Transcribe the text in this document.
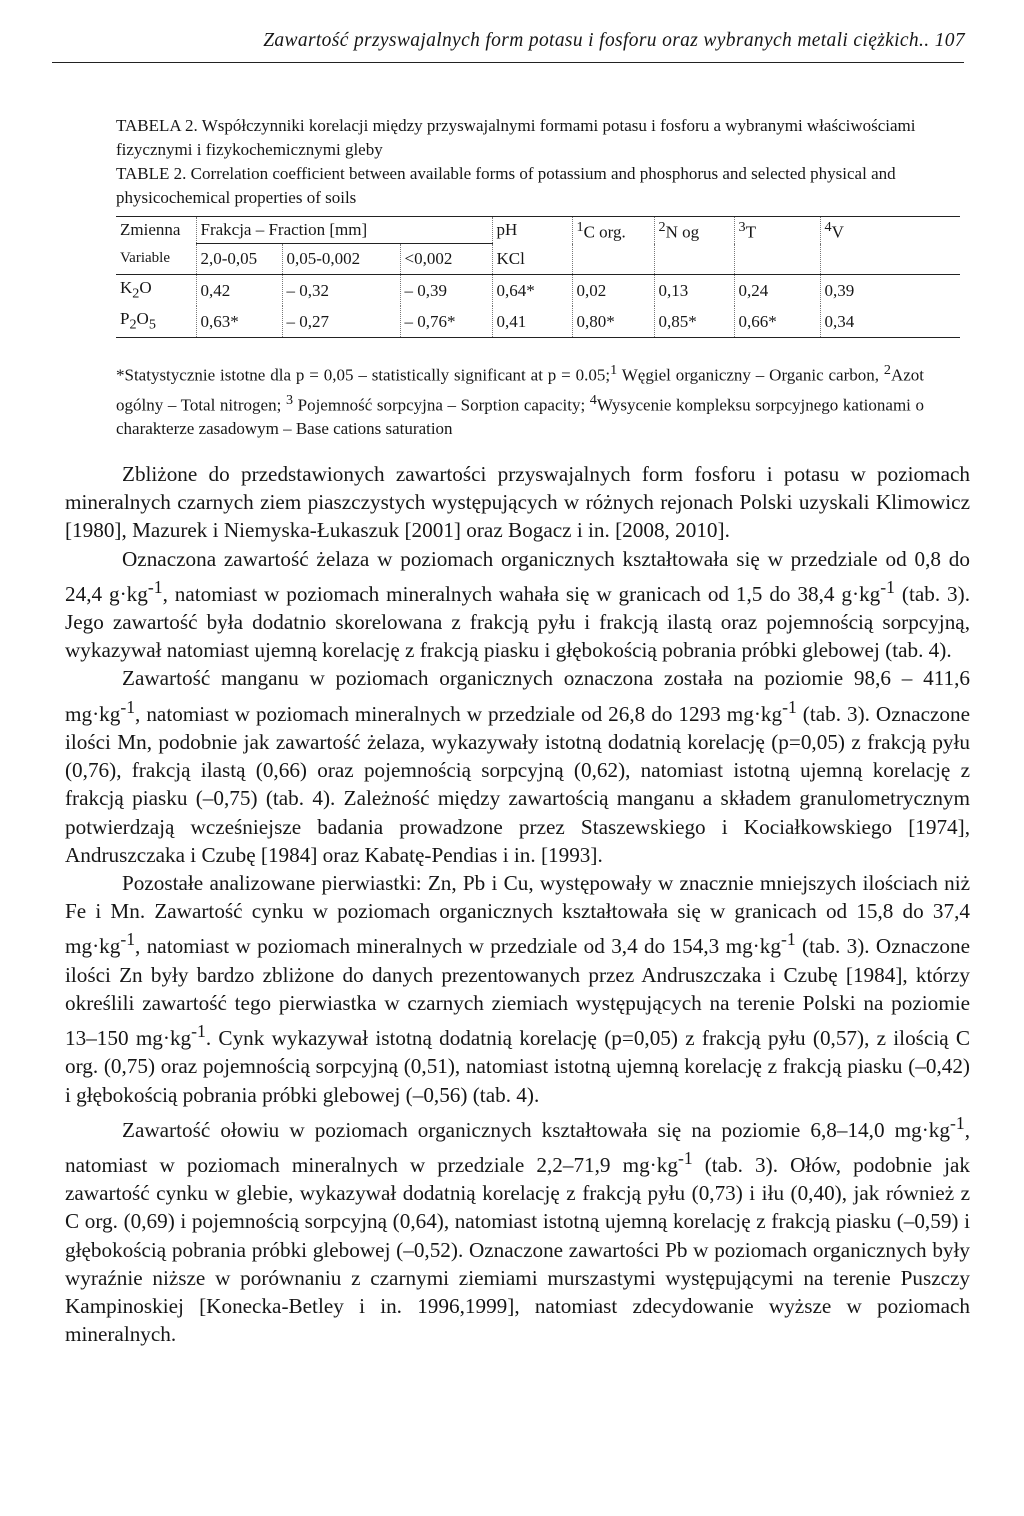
Zawartość przyswajalnych form potasu i fosforu oraz wybranych metali ciężkich.. 107

TABELA 2. Współczynniki korelacji między przyswajalnymi formami potasu i fosforu a wybranymi właściwościami fizycznymi i fizykochemicznymi gleby

TABLE 2. Correlation coefficient between available forms of potassium and phosphorus and selected physical and physicochemical properties of soils

Zmienna	Frakcja – Fraction [mm]			pH	$^1$C org.	$^2$N og	$^3$T	$^4$V
Variable	2,0-0,05	0,05-0,002	<0,002	KCl				
$K_2O$	0,42	– 0,32	– 0,39	0,64*	0,02	0,13	0,24	0,39
$P_2O_5$	0,63*	– 0,27	– 0,76*	0,41	0,80*	0,85*	0,66*	0,34

*Statystycznie istotne dla p = 0,05 – statistically significant at p = 0.05;$^1$ Węgiel organiczny – Organic carbon, $^2$Azot ogólny – Total nitrogen; $^3$ Pojemność sorpcyjna – Sorption capacity; $^4$Wysycenie kompleksu sorpcyjnego kationami o charakterze zasadowym – Base cations saturation

Zbliżone do przedstawionych zawartości przyswajalnych form fosforu i potasu w poziomach mineralnych czarnych ziem piaszczystych występujących w różnych rejonach Polski uzyskali Klimowicz [1980], Mazurek i Niemyska-Łukaszuk [2001] oraz Bogacz i in. [2008, 2010].

Oznaczona zawartość żelaza w poziomach organicznych kształtowała się w przedziale od 0,8 do 24,4 $g\cdot kg^{-1}$, natomiast w poziomach mineralnych wahała się w granicach od 1,5 do 38,4 $g\cdot kg^{-1}$ (tab. 3). Jego zawartość była dodatnio skorelowana z frakcją pyłu i frakcją ilastą oraz pojemnością sorpcyjną, wykazywał natomiast ujemną korelację z frakcją piasku i głębokością pobrania próbki glebowej (tab. 4).

Zawartość manganu w poziomach organicznych oznaczona została na poziomie 98,6 – 411,6 $mg\cdot kg^{-1}$, natomiast w poziomach mineralnych w przedziale od 26,8 do 1293 $mg\cdot kg^{-1}$ (tab. 3). Oznaczone ilości Mn, podobnie jak zawartość żelaza, wykazywały istotną dodatnią korelację (p=0,05) z frakcją pyłu (0,76), frakcją ilastą (0,66) oraz pojemnością sorpcyjną (0,62), natomiast istotną ujemną korelację z frakcją piasku (–0,75) (tab. 4). Zależność między zawartością manganu a składem granulometrycznym potwierdzają wcześniejsze badania prowadzone przez Staszewskiego i Kociałkowskiego [1974], Andruszczaka i Czubę [1984] oraz Kabatę-Pendias i in. [1993].

Pozostałe analizowane pierwiastki: Zn, Pb i Cu, występowały w znacznie mniejszych ilościach niż Fe i Mn. Zawartość cynku w poziomach organicznych kształtowała się w granicach od 15,8 do 37,4 $mg\cdot kg^{-1}$, natomiast w poziomach mineralnych w przedziale od 3,4 do 154,3 $mg\cdot kg^{-1}$ (tab. 3). Oznaczone ilości Zn były bardzo zbliżone do danych prezentowanych przez Andruszczaka i Czubę [1984], którzy określili zawartość tego pierwiastka w czarnych ziemiach występujących na terenie Polski na poziomie 13–150 $mg\cdot kg^{-1}$. Cynk wykazywał istotną dodatnią korelację (p=0,05) z frakcją pyłu (0,57), z ilością C org. (0,75) oraz pojemnością sorpcyjną (0,51), natomiast istotną ujemną korelację z frakcją piasku (–0,42) i głębokością pobrania próbki glebowej (–0,56) (tab. 4).

Zawartość ołowiu w poziomach organicznych kształtowała się na poziomie 6,8–14,0 $mg\cdot kg^{-1}$, natomiast w poziomach mineralnych w przedziale 2,2–71,9 $mg\cdot kg^{-1}$ (tab. 3). Ołów, podobnie jak zawartość cynku w glebie, wykazywał dodatnią korelację z frakcją pyłu (0,73) i iłu (0,40), jak również z C org. (0,69) i pojemnością sorpcyjną (0,64), natomiast istotną ujemną korelację z frakcją piasku (–0,59) i głębokością pobrania próbki glebowej (–0,52). Oznaczone zawartości Pb w poziomach organicznych były wyraźnie niższe w porównaniu z czarnymi ziemiami murszastymi występującymi na terenie Puszczy Kampinoskiej [Konecka-Betley i in. 1996,1999], natomiast zdecydowanie wyższe w poziomach mineralnych.
